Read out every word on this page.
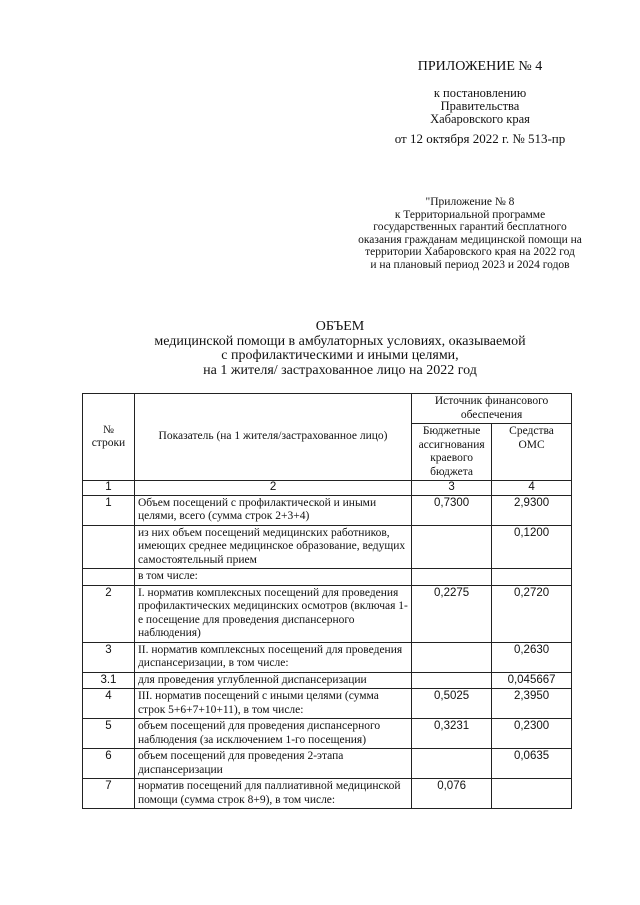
ПРИЛОЖЕНИЕ № 4
к постановлению
Правительства
Хабаровского края
от 12 октября 2022 г. № 513-пр
"Приложение № 8
к Территориальной программе
государственных гарантий бесплатного
оказания гражданам медицинской помощи на
территории Хабаровского края на 2022 год
и на плановый период 2023 и 2024 годов
ОБЪЕМ
медицинской помощи в амбулаторных условиях, оказываемой
с профилактическими и иными целями,
на 1 жителя/ застрахованное лицо на 2022 год
№ строки	Показатель (на 1 жителя/застрахованное лицо)	Источник финансового обеспечения	
		Бюджетные ассигнования краевого бюджета	Средства ОМС
1	2	3	4
1	Объем посещений с профилактической и иными целями, всего (сумма строк 2+3+4)	0,7300	2,9300
	из них объем посещений медицинских работников, имеющих среднее медицинское образование, ведущих самостоятельный прием		0,1200
	в том числе:		
2	I. норматив комплексных посещений для проведения профилактических медицинских осмотров (включая 1-е посещение для проведения диспансерного наблюдения)	0,2275	0,2720
3	II. норматив комплексных посещений для проведения диспансеризации, в том числе:		0,2630
3.1	для проведения углубленной диспансеризации		0,045667
4	III. норматив посещений с иными целями (сумма строк 5+6+7+10+11), в том числе:	0,5025	2,3950
5	объем посещений для проведения диспансерного наблюдения (за исключением 1-го посещения)	0,3231	0,2300
6	объем посещений для проведения 2-этапа диспансеризации		0,0635
7	норматив посещений для паллиативной медицинской помощи (сумма строк 8+9), в том числе:	0,076	
